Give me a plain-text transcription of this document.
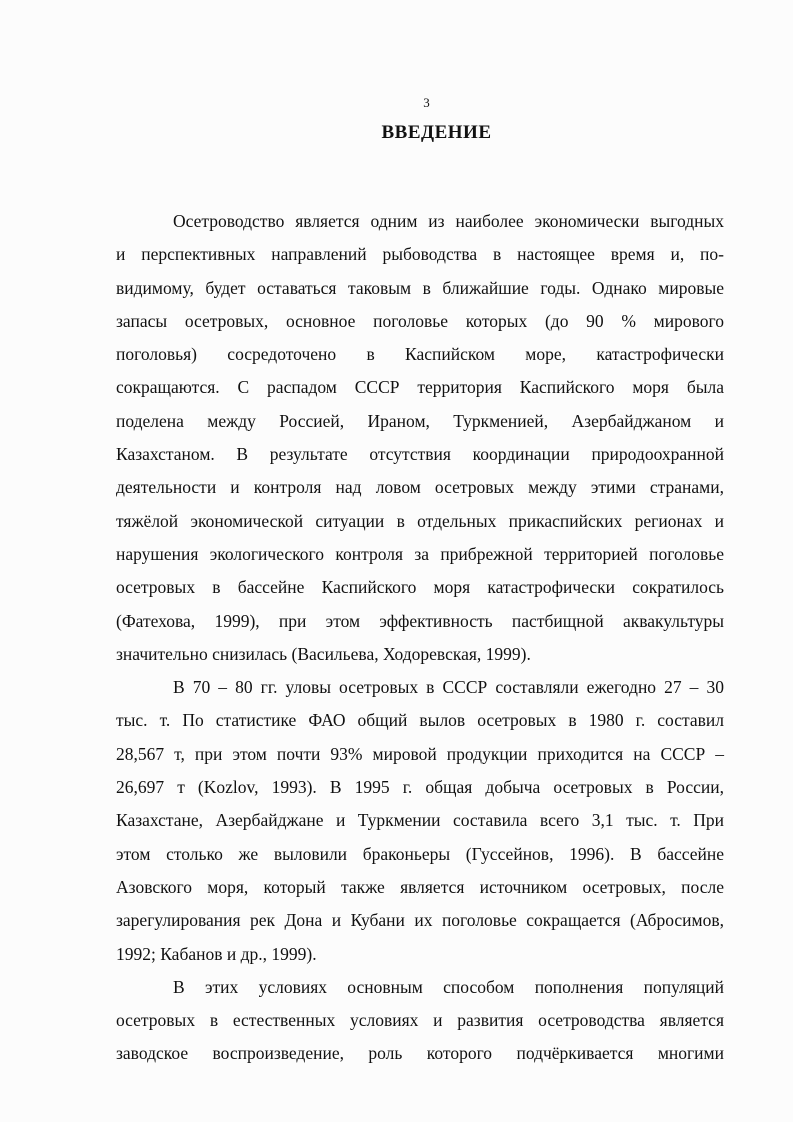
3
ВВЕДЕНИЕ
Осетроводство является одним из наиболее экономически выгодных
и перспективных направлений рыбоводства в настоящее время и, по-
видимому, будет оставаться таковым в ближайшие годы. Однако мировые
запасы осетровых, основное поголовье которых (до 90 % мирового
поголовья) сосредоточено в Каспийском море, катастрофически
сокращаются. С распадом СССР территория Каспийского моря была
поделена между Россией, Ираном, Туркменией, Азербайджаном и
Казахстаном. В результате отсутствия координации природоохранной
деятельности и контроля над ловом осетровых между этими странами,
тяжёлой экономической ситуации в отдельных прикаспийских регионах и
нарушения экологического контроля за прибрежной территорией поголовье
осетровых в бассейне Каспийского моря катастрофически сократилось
(Фатехова, 1999), при этом эффективность пастбищной аквакультуры
значительно снизилась (Васильева, Ходоревская, 1999).
В 70 – 80 гг. уловы осетровых в СССР составляли ежегодно 27 – 30
тыс. т. По статистике ФАО общий вылов осетровых в 1980 г. составил
28,567 т, при этом почти 93% мировой продукции приходится на СССР –
26,697 т (Kozlov, 1993). В 1995 г. общая добыча осетровых в России,
Казахстане, Азербайджане и Туркмении составила всего 3,1 тыс. т. При
этом столько же выловили браконьеры (Гуссейнов, 1996). В бассейне
Азовского моря, который также является источником осетровых, после
зарегулирования рек Дона и Кубани их поголовье сокращается (Абросимов,
1992; Кабанов и др., 1999).
В этих условиях основным способом пополнения популяций
осетровых в естественных условиях и развития осетроводства является
заводское воспроизведение, роль которого подчёркивается многими
